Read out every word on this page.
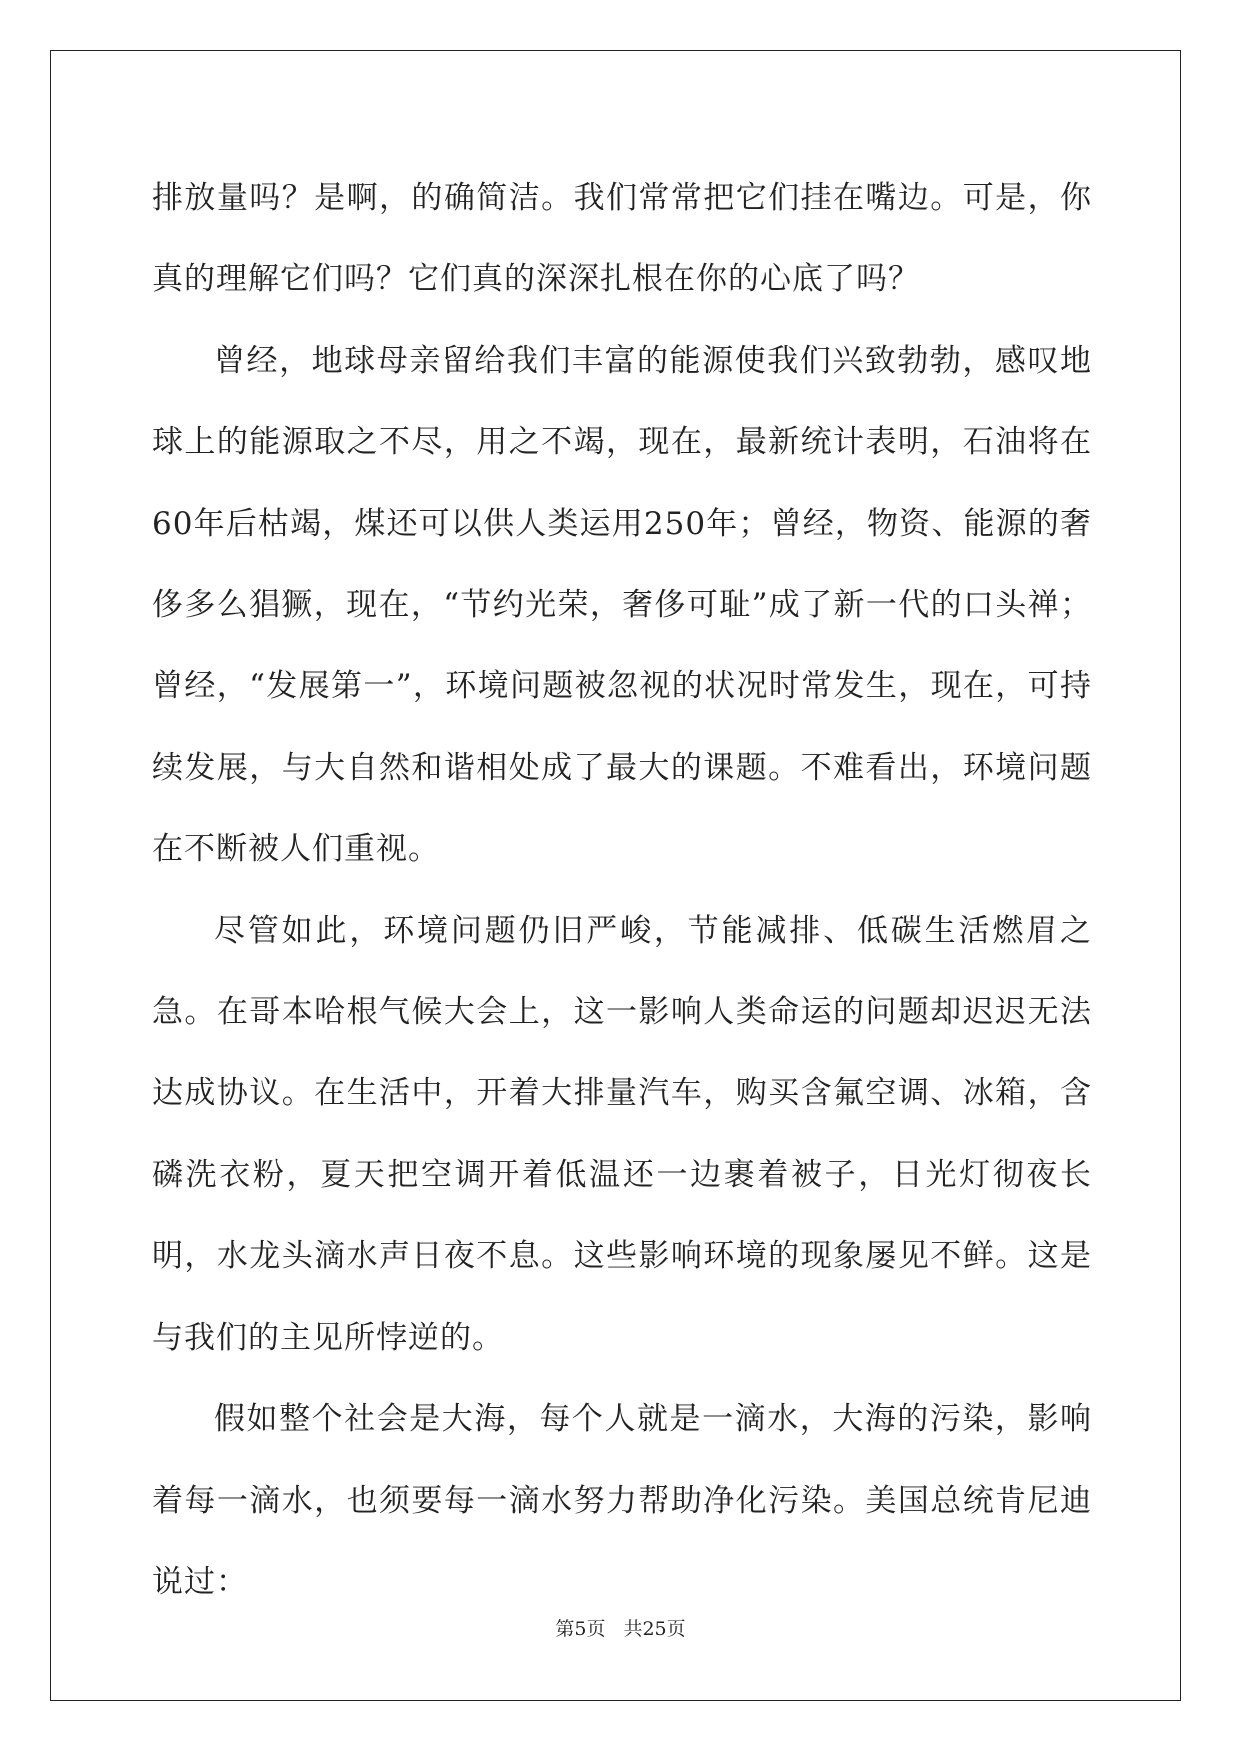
排放量吗？是啊，的确简洁。我们常常把它们挂在嘴边。可是，你真的理解它们吗？它们真的深深扎根在你的心底了吗？

曾经，地球母亲留给我们丰富的能源使我们兴致勃勃，感叹地球上的能源取之不尽，用之不竭，现在，最新统计表明，石油将在60年后枯竭，煤还可以供人类运用250年；曾经，物资、能源的奢侈多么猖獗，现在，“节约光荣，奢侈可耻”成了新一代的口头禅；曾经，“发展第一”，环境问题被忽视的状况时常发生，现在，可持续发展，与大自然和谐相处成了最大的课题。不难看出，环境问题在不断被人们重视。

尽管如此，环境问题仍旧严峻，节能减排、低碳生活燃眉之急。在哥本哈根气候大会上，这一影响人类命运的问题却迟迟无法达成协议。在生活中，开着大排量汽车，购买含氟空调、冰箱，含磷洗衣粉，夏天把空调开着低温还一边裹着被子，日光灯彻夜长明，水龙头滴水声日夜不息。这些影响环境的现象屡见不鲜。这是与我们的主见所悖逆的。

假如整个社会是大海，每个人就是一滴水，大海的污染，影响着每一滴水，也须要每一滴水努力帮助净化污染。美国总统肯尼迪说过：

第5页 共25页
